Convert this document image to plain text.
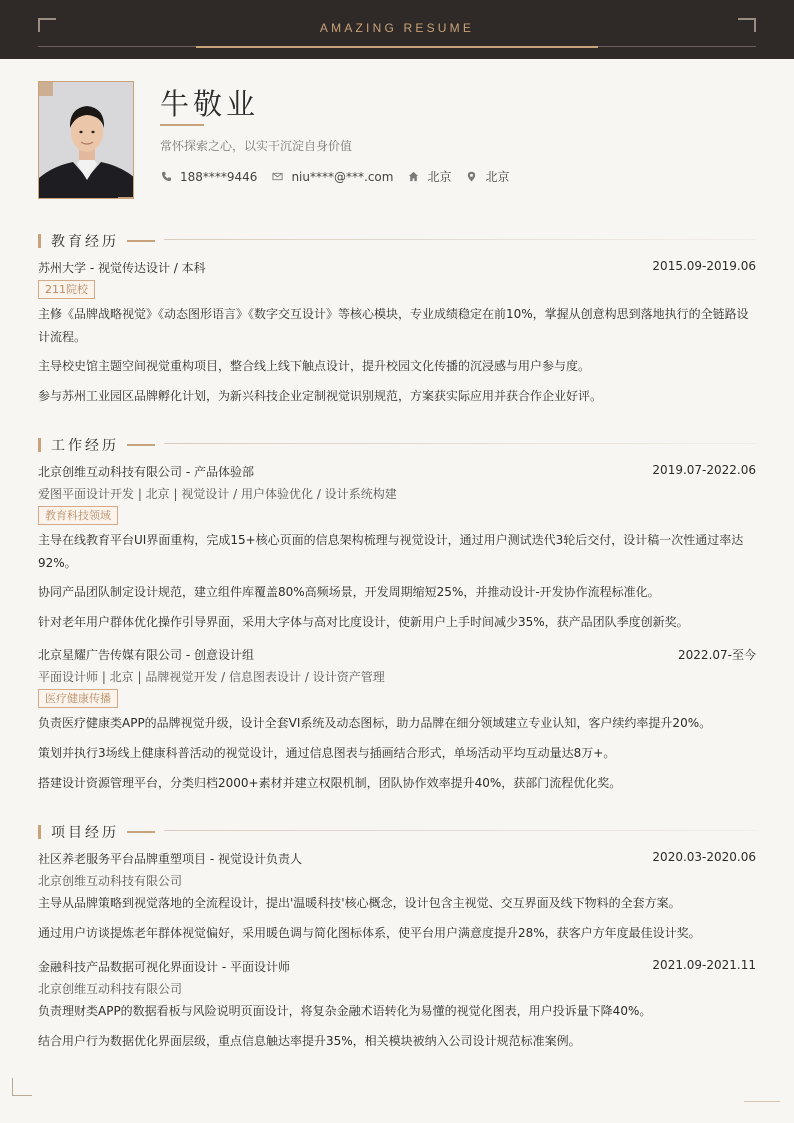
AMAZING RESUME
牛敬业
常怀探索之心，以实干沉淀自身价值
188****9446	niu****@***.com	北京	北京
教育经历
苏州大学 - 视觉传达设计 / 本科	2015.09-2019.06
211院校
主修《品牌战略视觉》《动态图形语言》《数字交互设计》等核心模块，专业成绩稳定在前10%，掌握从创意构思到落地执行的全链路设计流程。
主导校史馆主题空间视觉重构项目，整合线上线下触点设计，提升校园文化传播的沉浸感与用户参与度。
参与苏州工业园区品牌孵化计划，为新兴科技企业定制视觉识别规范，方案获实际应用并获合作企业好评。
工作经历
北京创维互动科技有限公司 - 产品体验部	2019.07-2022.06
爱图平面设计开发 | 北京 | 视觉设计 / 用户体验优化 / 设计系统构建
教育科技领域
主导在线教育平台UI界面重构，完成15+核心页面的信息架构梳理与视觉设计，通过用户测试迭代3轮后交付，设计稿一次性通过率达92%。
协同产品团队制定设计规范，建立组件库覆盖80%高频场景，开发周期缩短25%，并推动设计-开发协作流程标准化。
针对老年用户群体优化操作引导界面，采用大字体与高对比度设计，使新用户上手时间减少35%，获产品团队季度创新奖。
北京星耀广告传媒有限公司 - 创意设计组	2022.07-至今
平面设计师 | 北京 | 品牌视觉开发 / 信息图表设计 / 设计资产管理
医疗健康传播
负责医疗健康类APP的品牌视觉升级，设计全套VI系统及动态图标，助力品牌在细分领域建立专业认知，客户续约率提升20%。
策划并执行3场线上健康科普活动的视觉设计，通过信息图表与插画结合形式，单场活动平均互动量达8万+。
搭建设计资源管理平台，分类归档2000+素材并建立权限机制，团队协作效率提升40%，获部门流程优化奖。
项目经历
社区养老服务平台品牌重塑项目 - 视觉设计负责人	2020.03-2020.06
北京创维互动科技有限公司
主导从品牌策略到视觉落地的全流程设计，提出'温暖科技'核心概念，设计包含主视觉、交互界面及线下物料的全套方案。
通过用户访谈提炼老年群体视觉偏好，采用暖色调与简化图标体系，使平台用户满意度提升28%，获客户方年度最佳设计奖。
金融科技产品数据可视化界面设计 - 平面设计师	2021.09-2021.11
北京创维互动科技有限公司
负责理财类APP的数据看板与风险说明页面设计，将复杂金融术语转化为易懂的视觉化图表，用户投诉量下降40%。
结合用户行为数据优化界面层级，重点信息触达率提升35%，相关模块被纳入公司设计规范标准案例。
